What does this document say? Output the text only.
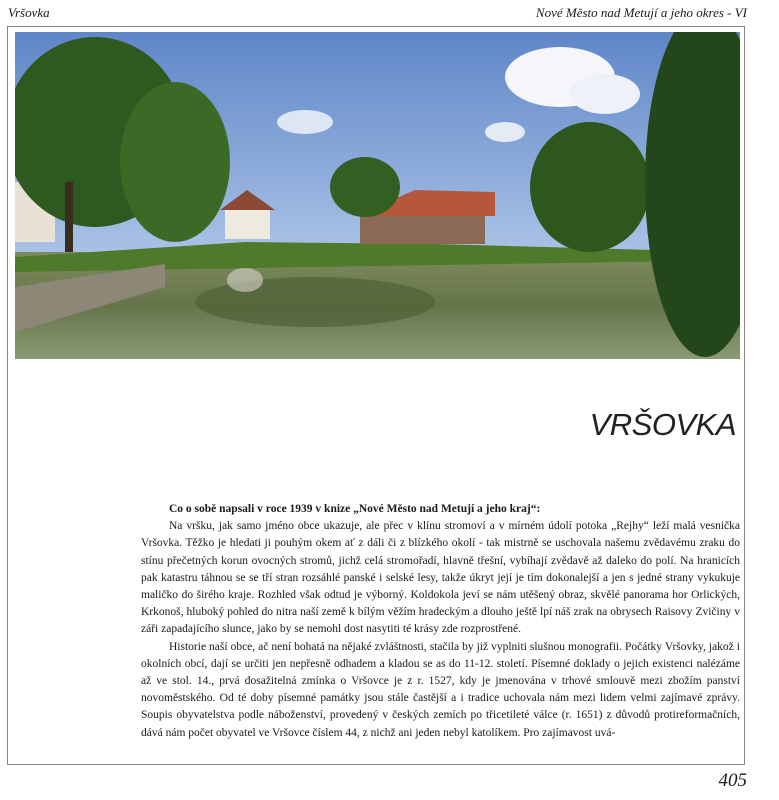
Vršovka	Nové Město nad Metují a jeho okres - VI
VRŠOVKA

Co o sobě napsali v roce 1939 v knize „Nové Město nad Metují a jeho kraj“:

Na vršku, jak samo jméno obce ukazuje, ale přec v klínu stromoví a v mírném údolí potoka „Rejhy“ leží malá vesnička Vršovka. Těžko je hledati ji pouhým okem ať z dáli či z blízkého okolí - tak mistrně se uschovala našemu zvědavému zraku do stínu přečetných korun ovocných stromů, jichž celá stromořadí, hlavně třešní, vybíhají zvědavě až daleko do polí. Na hranicích pak katastru táhnou se se tří stran rozsáhlé panské i selské lesy, takže úkryt její je tím dokonalejší a jen s jedné strany vykukuje maličko do širého kraje. Rozhled však odtud je výborný. Koldokola jeví se nám utěšený obraz, skvělé panorama hor Orlických, Krkonoš, hluboký pohled do nitra naší země k bílým věžím hradeckým a dlouho ještě lpí náš zrak na obrysech Raisovy Zvičiny v záři zapadajícího slunce, jako by se nemohl dost nasytiti té krásy zde rozprostřené.

Historie naší obce, ač není bohatá na nějaké zvláštnosti, stačila by již vyplniti slušnou monografii. Počátky Vršovky, jakož i okolních obcí, dají se určiti jen nepřesně odhadem a kladou se as do 11-12. století. Písemné doklady o jejich existenci nalézáme až ve stol. 14., prvá dosažitelná zmínka o Vršovce je z r. 1527, kdy je jmenována v trhové smlouvě mezi zbožím panství novoměstského. Od té doby písemné památky jsou stále častější a i tradice uchovala nám mezi lidem velmi zajímavé zprávy. Soupis obyvatelstva podle náboženství, provedený v českých zemích po třicetileté válce (r. 1651) z důvodů protireformačních, dává nám počet obyvatel ve Vršovce číslem 44, z nichž ani jeden nebyl katolíkem. Pro zajímavost uvá-

405
